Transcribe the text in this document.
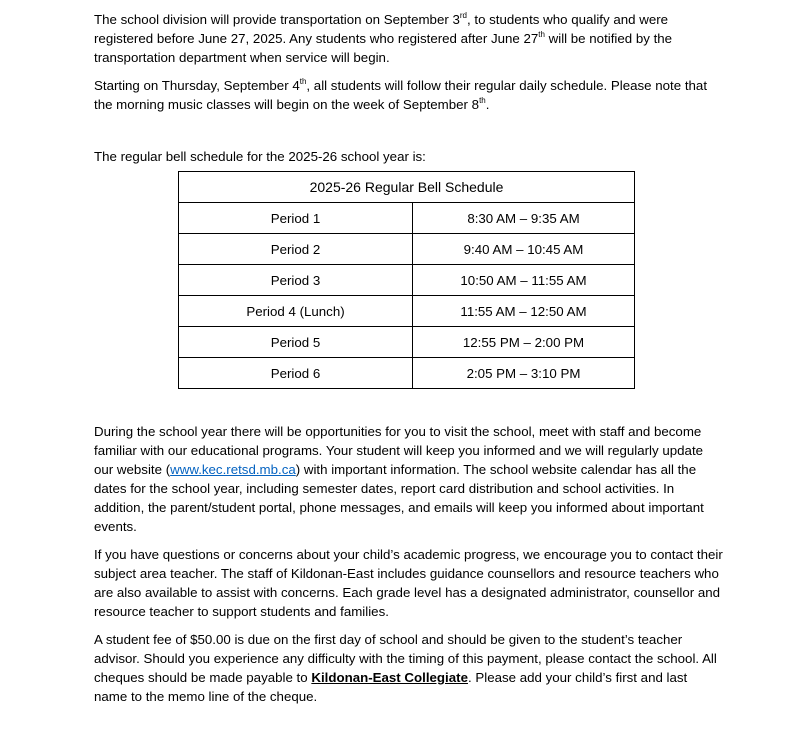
The school division will provide transportation on September 3rd, to students who qualify and were registered before June 27, 2025. Any students who registered after June 27th will be notified by the transportation department when service will begin.

Starting on Thursday, September 4th, all students will follow their regular daily schedule. Please note that the morning music classes will begin on the week of September 8th.

The regular bell schedule for the 2025-26 school year is:

2025-26 Regular Bell Schedule	
Period 1	8:30 AM – 9:35 AM
Period 2	9:40 AM – 10:45 AM
Period 3	10:50 AM – 11:55 AM
Period 4 (Lunch)	11:55 AM – 12:50 AM
Period 5	12:55 PM – 2:00 PM
Period 6	2:05 PM – 3:10 PM

During the school year there will be opportunities for you to visit the school, meet with staff and become familiar with our educational programs. Your student will keep you informed and we will regularly update our website (www.kec.retsd.mb.ca) with important information. The school website calendar has all the dates for the school year, including semester dates, report card distribution and school activities. In addition, the parent/student portal, phone messages, and emails will keep you informed about important events.

If you have questions or concerns about your child’s academic progress, we encourage you to contact their subject area teacher. The staff of Kildonan-East includes guidance counsellors and resource teachers who are also available to assist with concerns. Each grade level has a designated administrator, counsellor and resource teacher to support students and families.

A student fee of $50.00 is due on the first day of school and should be given to the student’s teacher advisor. Should you experience any difficulty with the timing of this payment, please contact the school. All cheques should be made payable to Kildonan-East Collegiate. Please add your child’s first and last name to the memo line of the cheque.
